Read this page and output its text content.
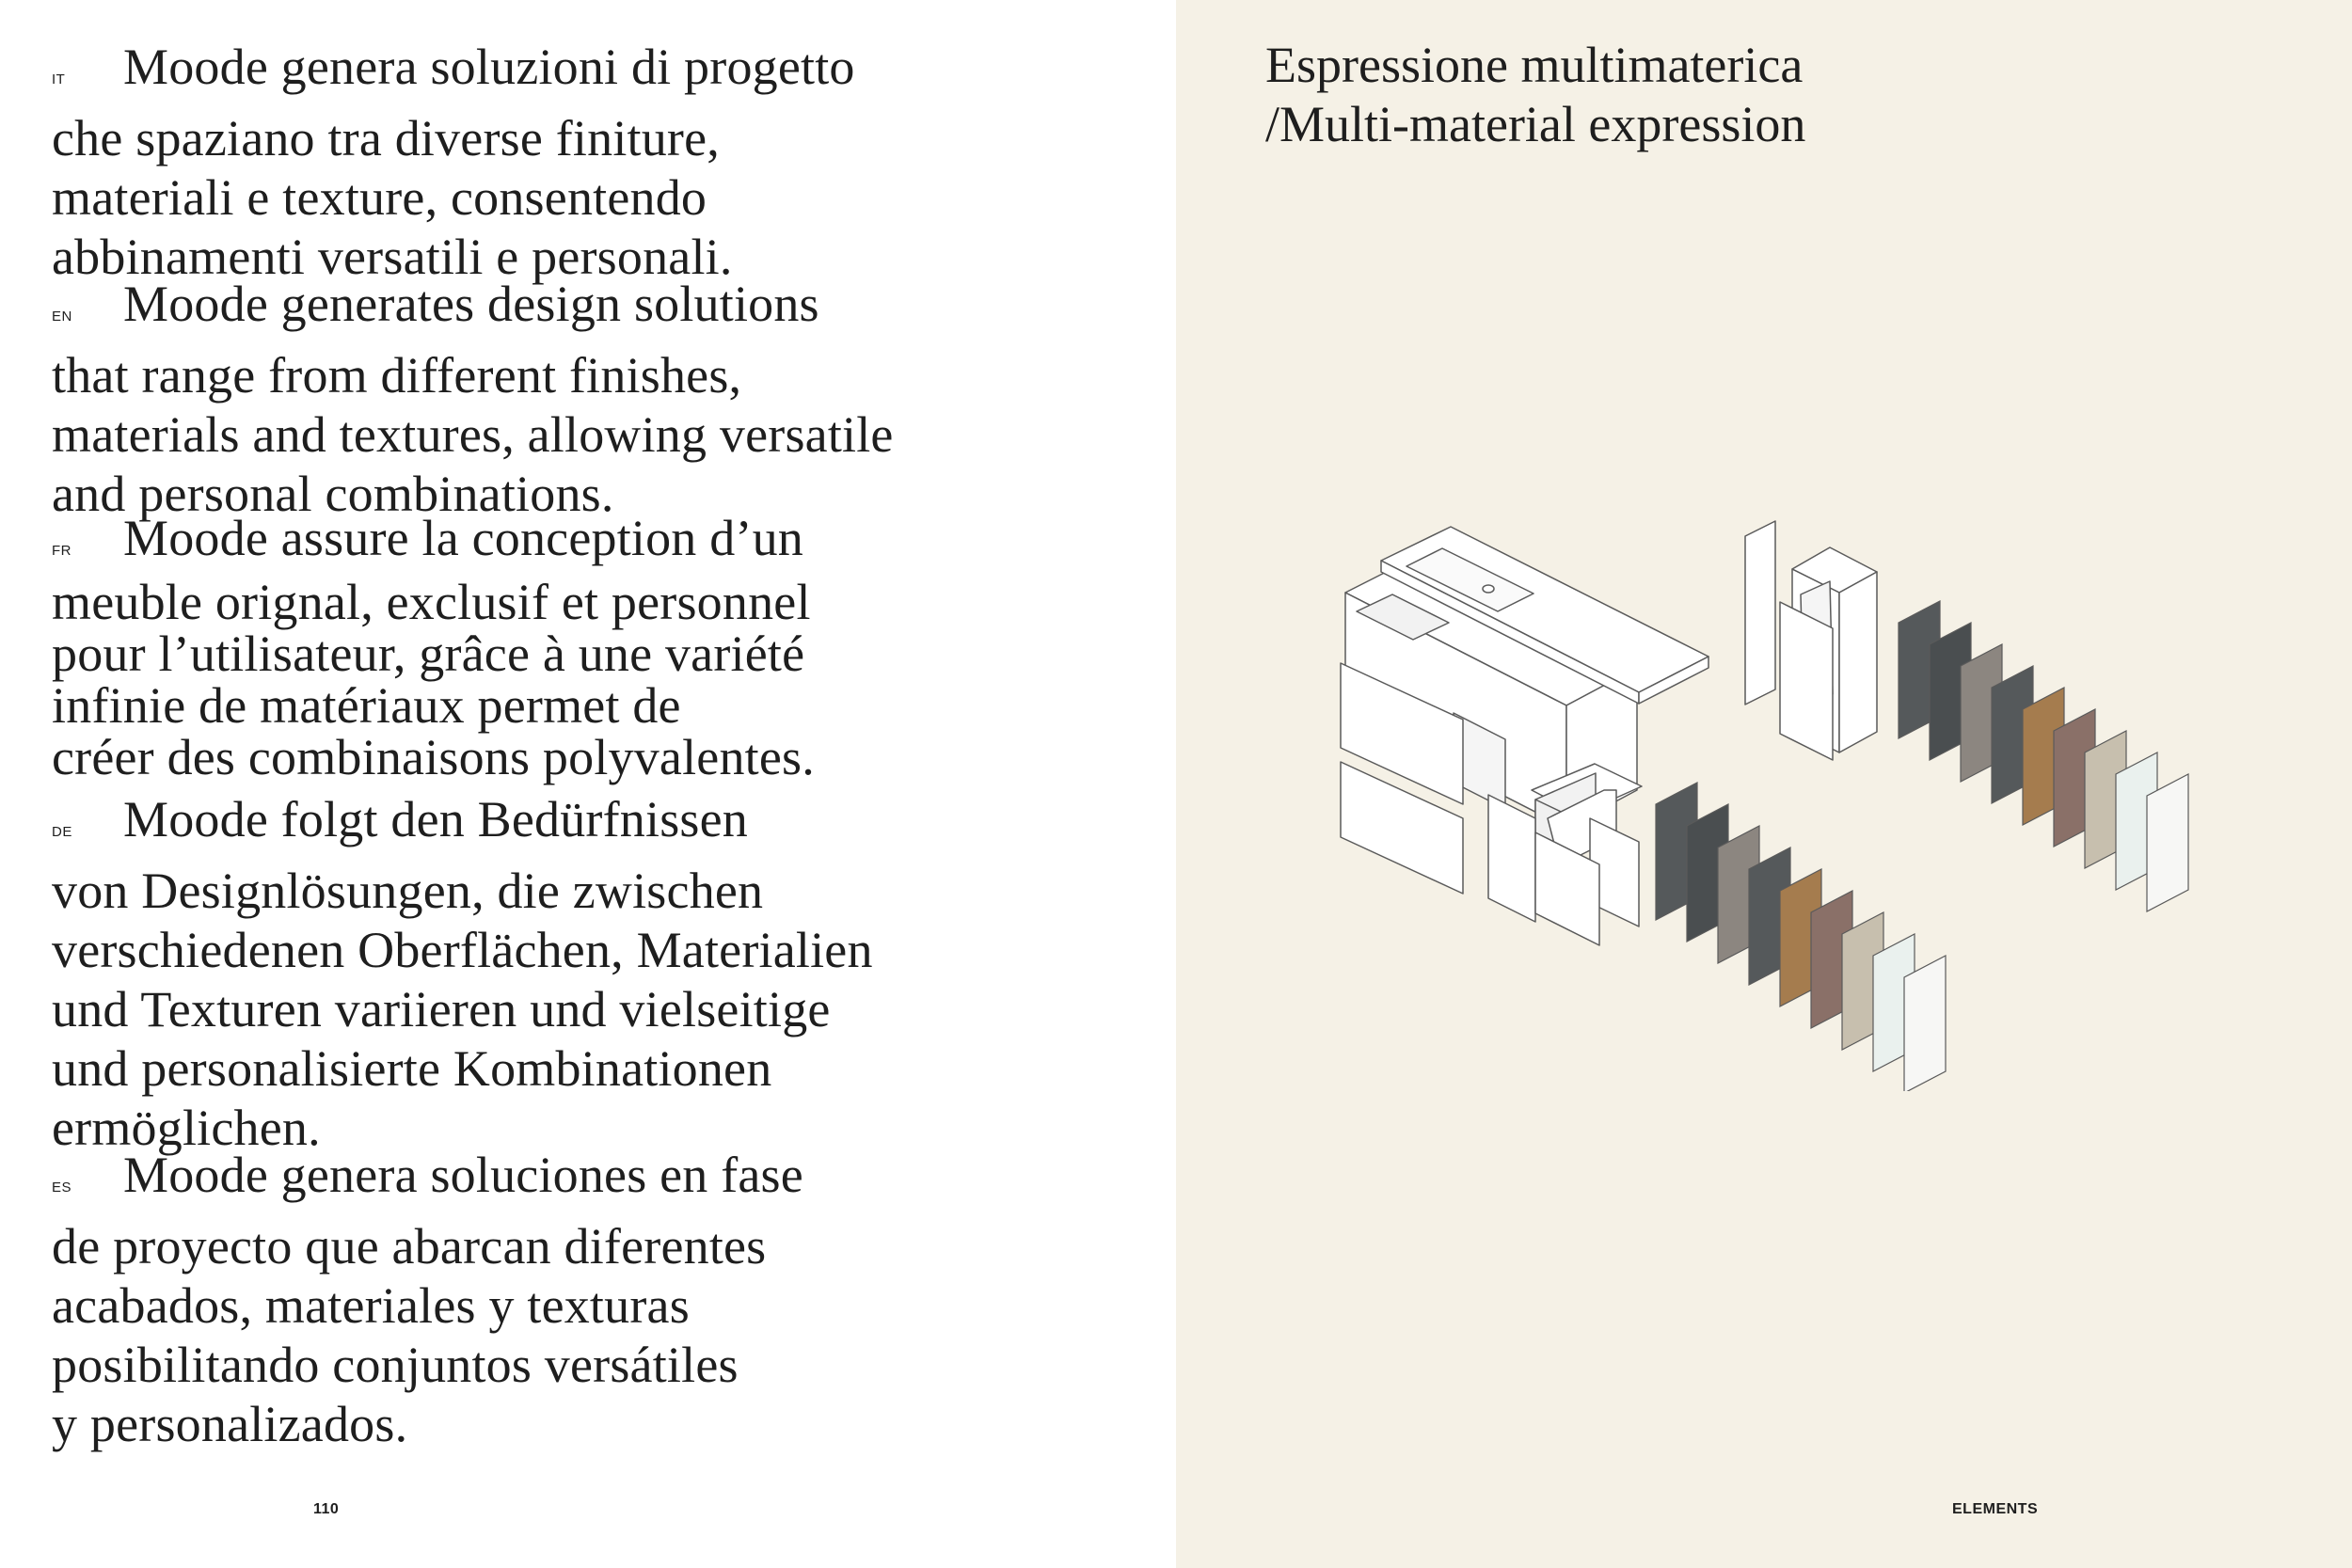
IT Moode genera soluzioni di progetto
che spaziano tra diverse finiture,
materiali e texture, consentendo
abbinamenti versatili e personali.

EN Moode generates design solutions
that range from different finishes,
materials and textures, allowing versatile
and personal combinations.

FR Moode assure la conception d’un
meuble orignal, exclusif et personnel
pour l’utilisateur, grâce à une variété
infinie de matériaux permet de
créer des combinaisons polyvalentes.

DE Moode folgt den Bedürfnissen
von Designlösungen, die zwischen
verschiedenen Oberflächen, Materialien
und Texturen variieren und vielseitige
und personalisierte Kombinationen
ermöglichen.

ES Moode genera soluciones en fase
de proyecto que abarcan diferentes
acabados, materiales y texturas
posibilitando conjuntos versátiles
y personalizados.

110
Espressione multimaterica
/Multi-material expression
ELEMENTS
